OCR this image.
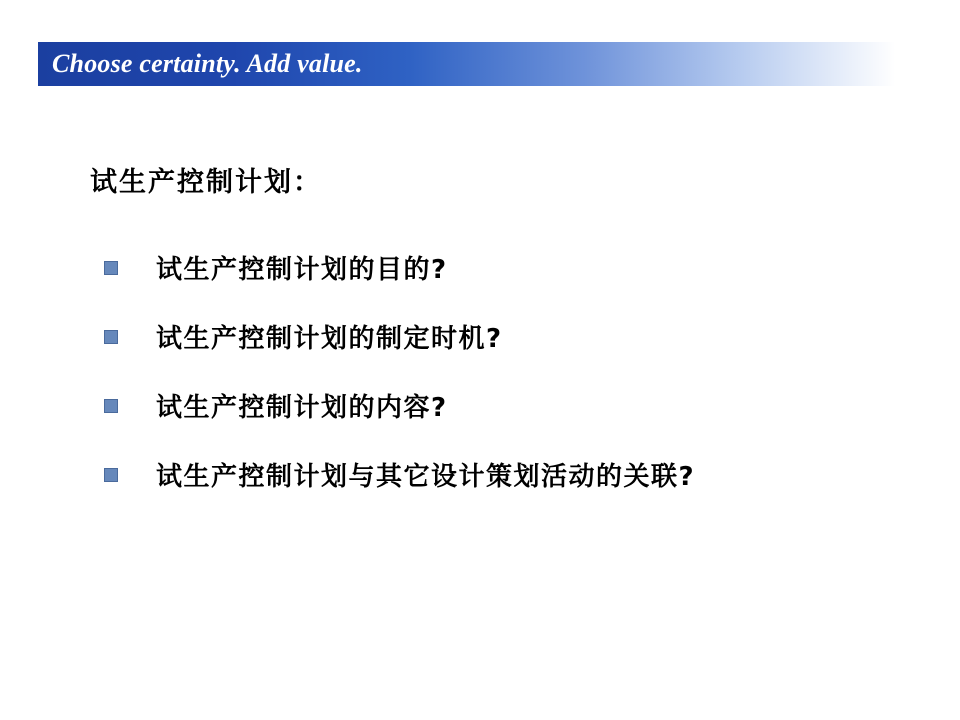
Choose certainty. Add value.
试生产控制计划：
试生产控制计划的目的?
试生产控制计划的制定时机?
试生产控制计划的内容?
试生产控制计划与其它设计策划活动的关联?
